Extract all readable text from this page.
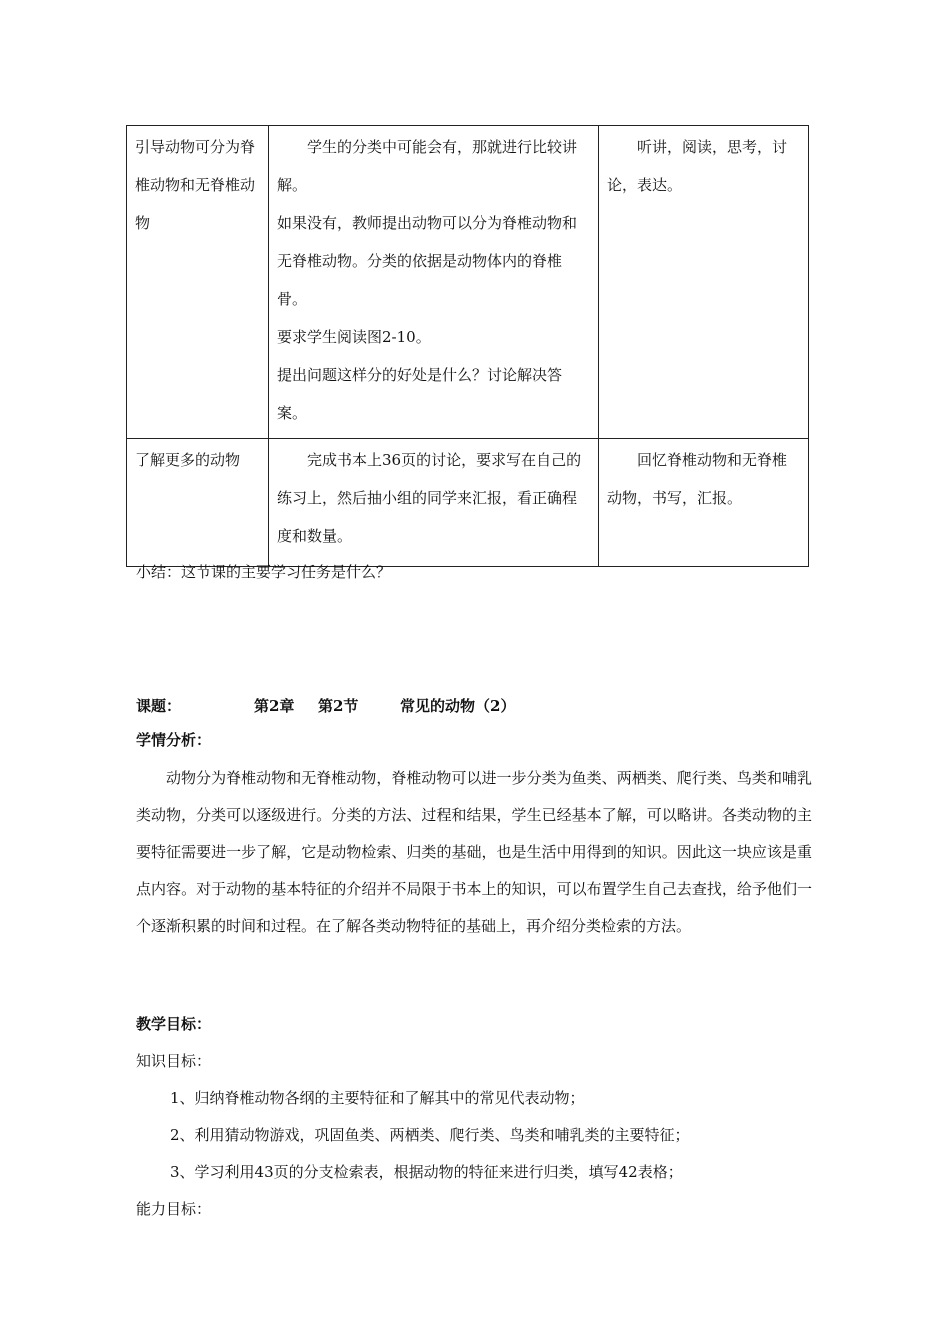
引导动物可分为脊椎动物和无脊椎动物	学生的分类中可能会有，那就进行比较讲解。

如果没有，教师提出动物可以分为脊椎动物和无脊椎动物。分类的依据是动物体内的脊椎骨。

要求学生阅读图2-10。

提出问题这样分的好处是什么？讨论解决答案。	听讲，阅读，思考，讨论，表达。

了解更多的动物	完成书本上36页的讨论，要求写在自己的练习上，然后抽小组的同学来汇报，看正确程度和数量。	回忆脊椎动物和无脊椎动物，书写，汇报。

小结：这节课的主要学习任务是什么？

课题：	第2章 第2节	常见的动物（2）

学情分析：

动物分为脊椎动物和无脊椎动物，脊椎动物可以进一步分类为鱼类、两栖类、爬行类、鸟类和哺乳类动物，分类可以逐级进行。分类的方法、过程和结果，学生已经基本了解，可以略讲。各类动物的主要特征需要进一步了解，它是动物检索、归类的基础，也是生活中用得到的知识。因此这一块应该是重点内容。对于动物的基本特征的介绍并不局限于书本上的知识，可以布置学生自己去查找，给予他们一个逐渐积累的时间和过程。在了解各类动物特征的基础上，再介绍分类检索的方法。

教学目标：

知识目标：

1、归纳脊椎动物各纲的主要特征和了解其中的常见代表动物；

2、利用猜动物游戏，巩固鱼类、两栖类、爬行类、鸟类和哺乳类的主要特征；

3、学习利用43页的分支检索表，根据动物的特征来进行归类，填写42表格；

能力目标：
